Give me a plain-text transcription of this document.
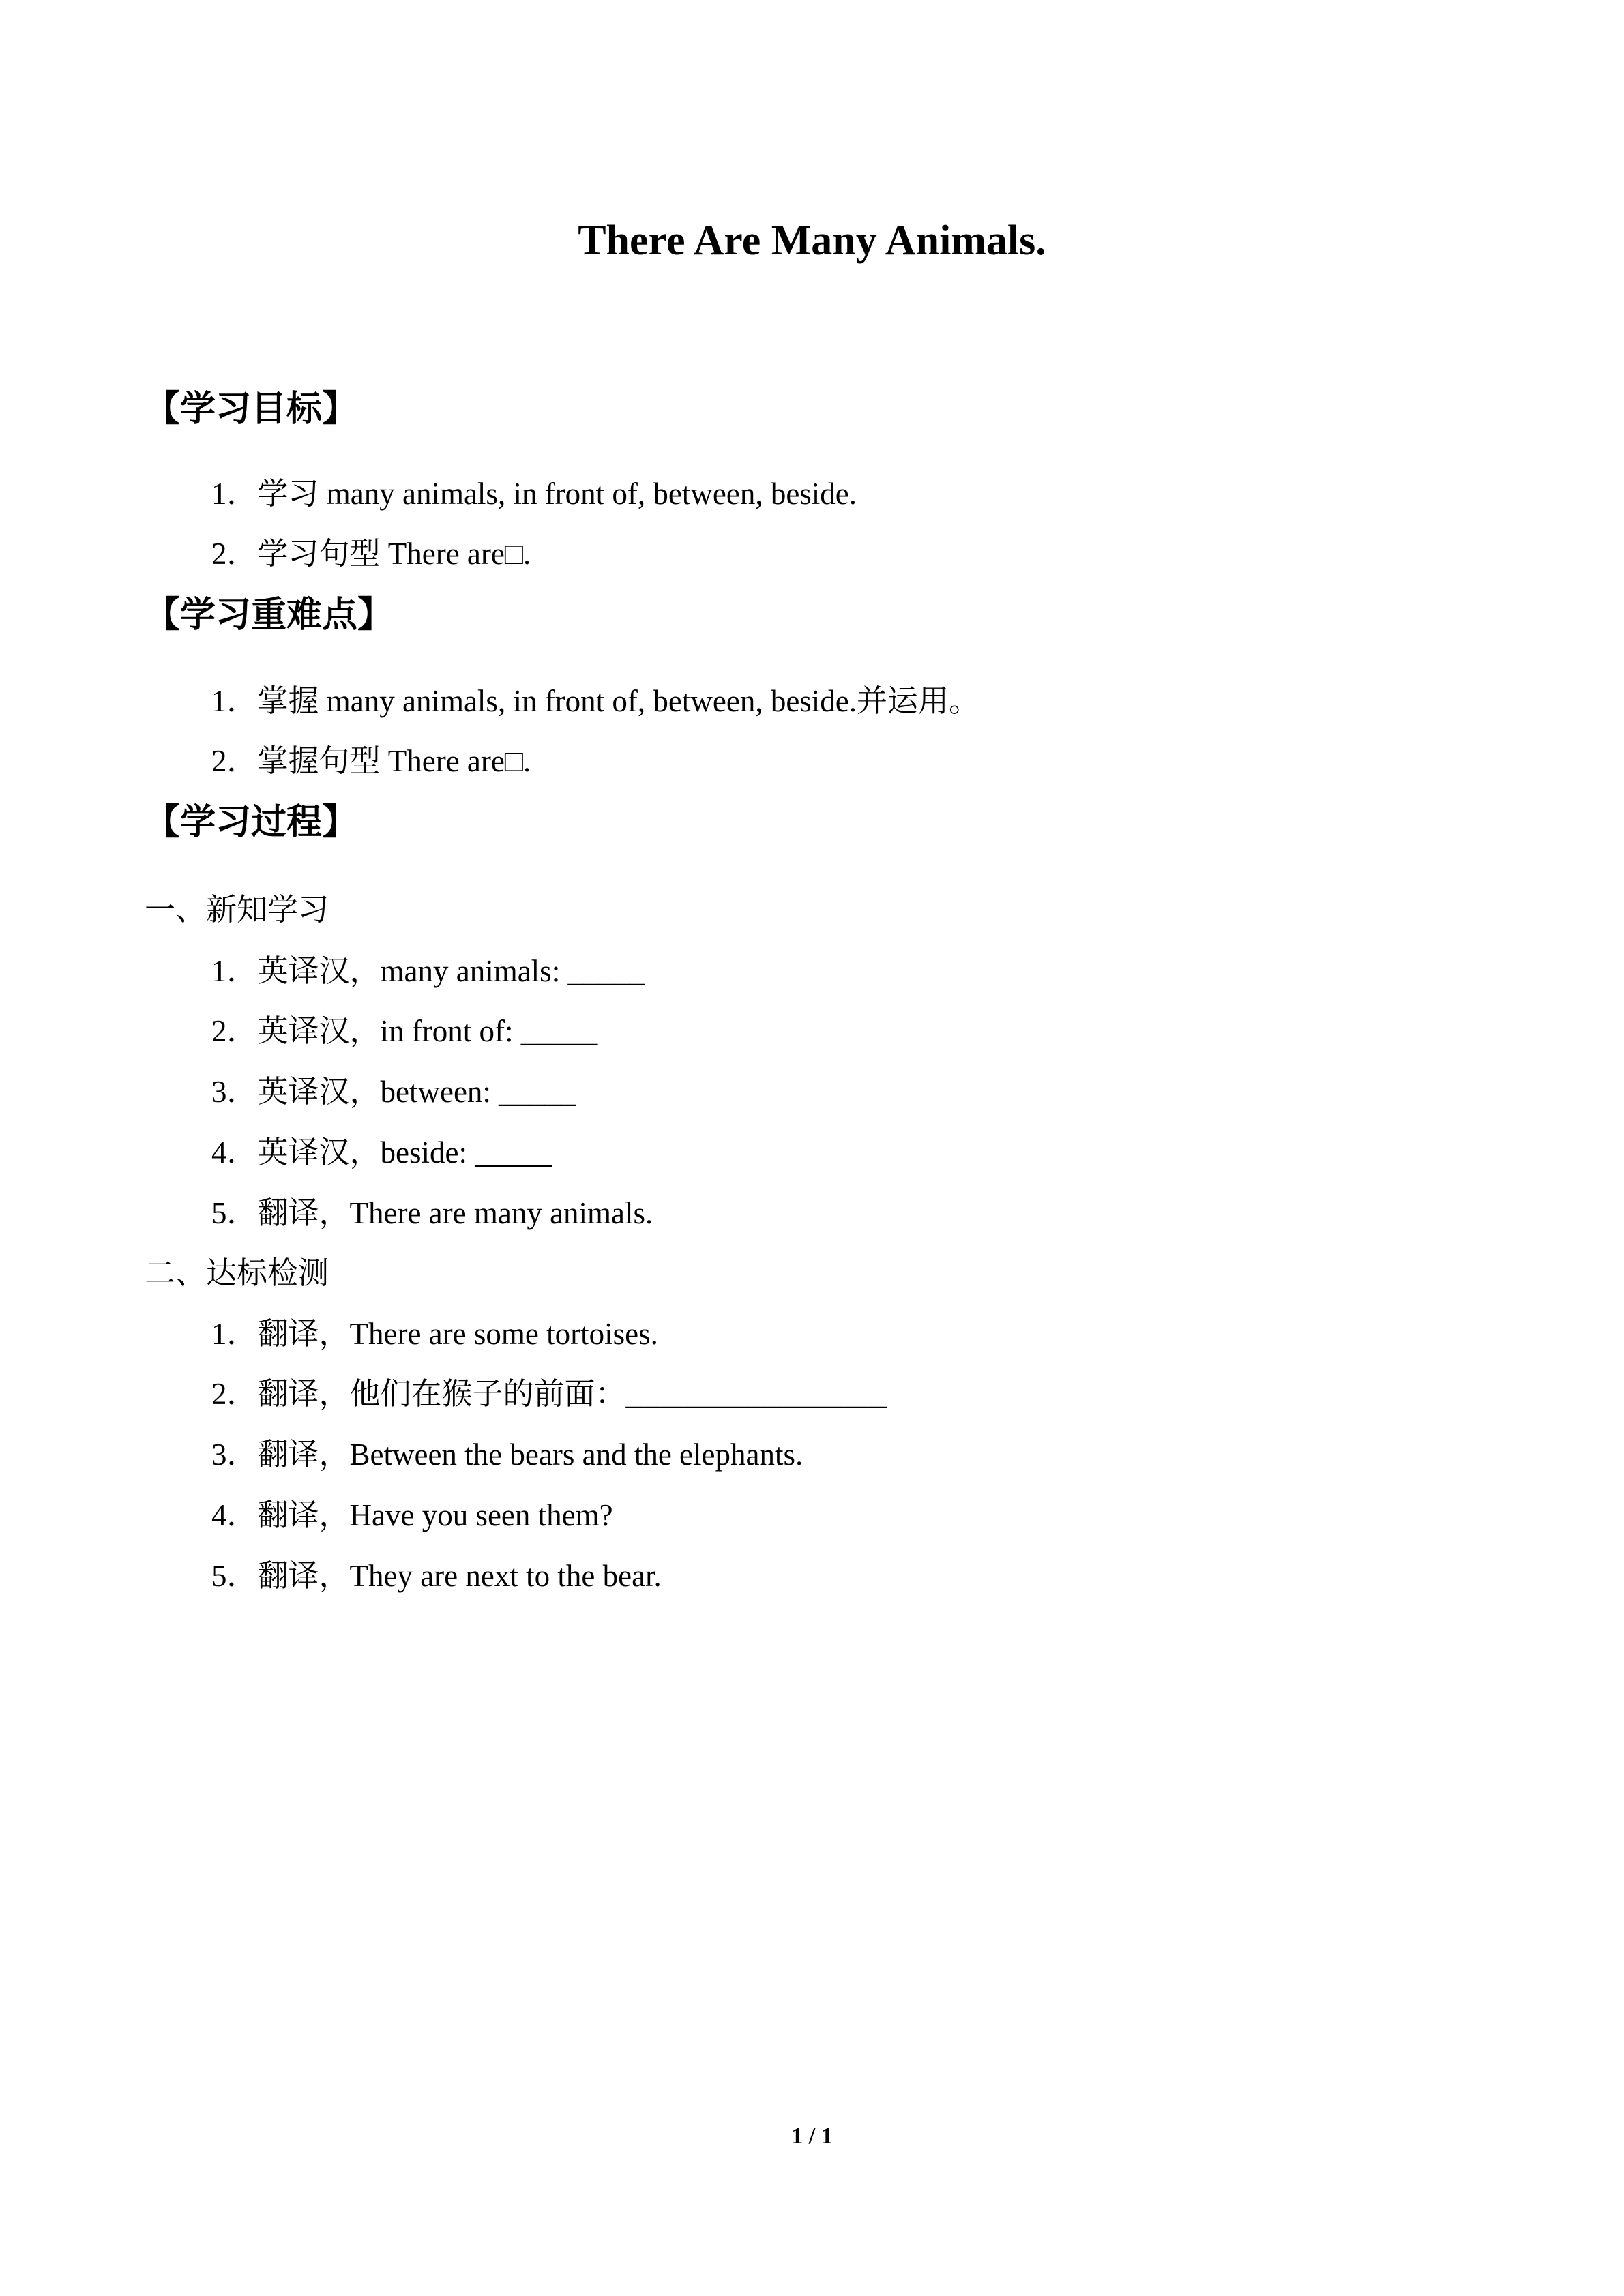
There Are Many Animals.
【学习目标】

1．学习 many animals, in front of, between, beside.

2．学习句型 There are□.

【学习重难点】

1．掌握 many animals, in front of, between, beside.并运用。

2．掌握句型 There are□.

【学习过程】

一、新知学习

1．英译汉，many animals: _____

2．英译汉，in front of: _____

3．英译汉，between: _____

4．英译汉，beside: _____

5．翻译，There are many animals.

二、达标检测

1．翻译，There are some tortoises.

2．翻译，他们在猴子的前面：_________________

3．翻译，Between the bears and the elephants.

4．翻译，Have you seen them?

5．翻译，They are next to the bear.

1 / 1
